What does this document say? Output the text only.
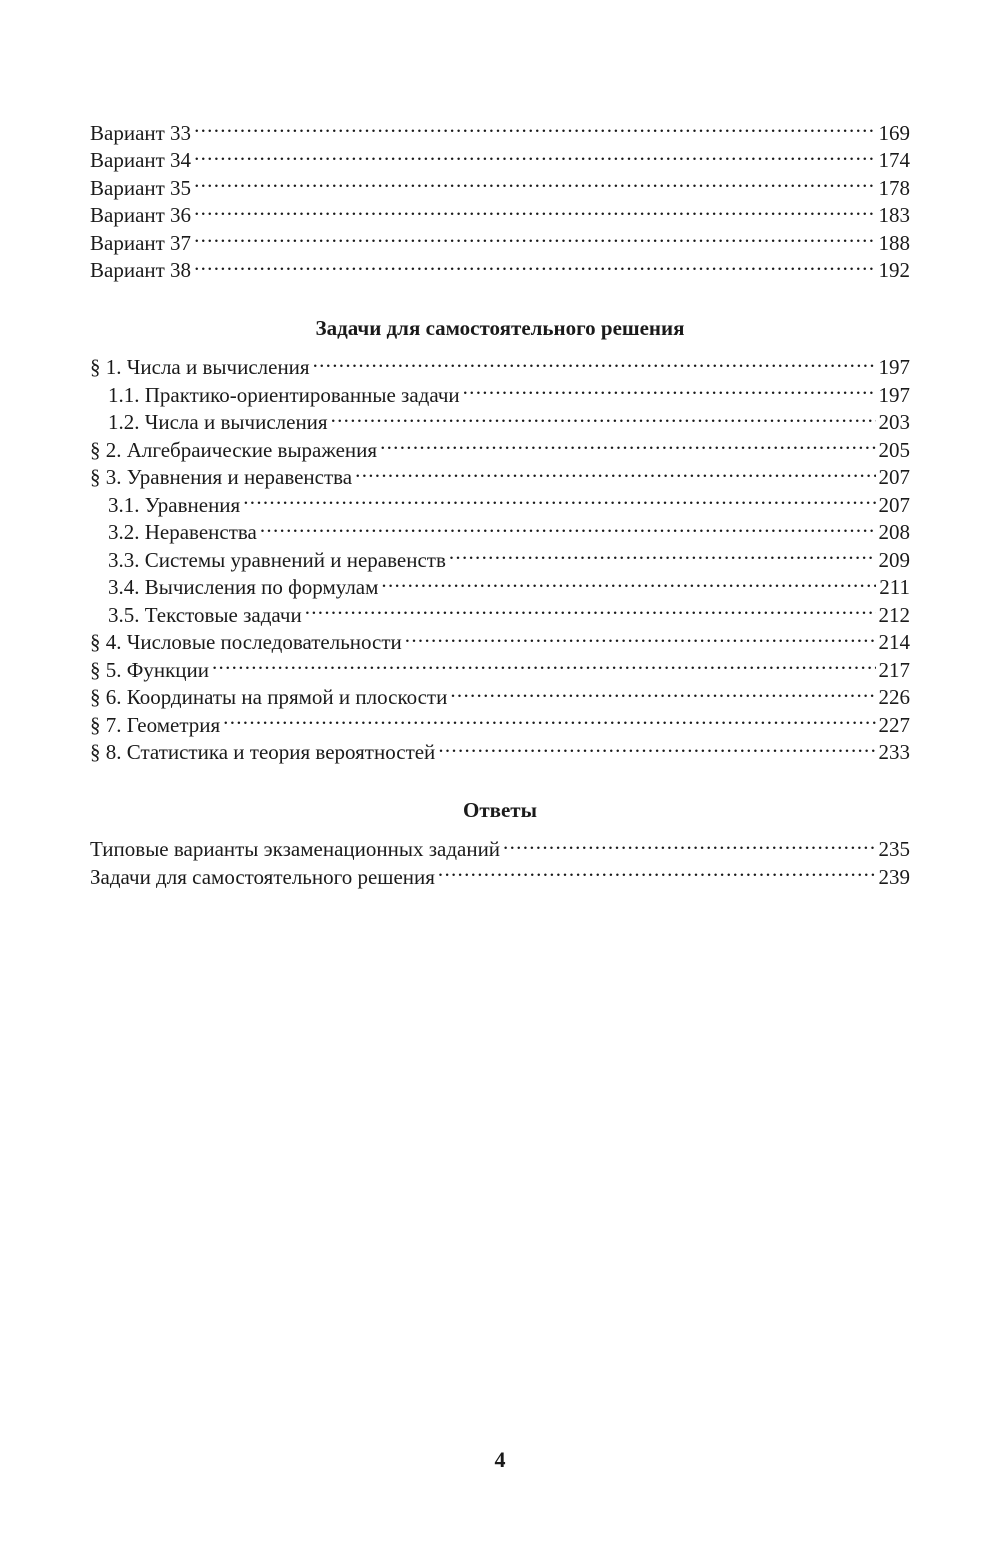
Вариант 33 .....	169
Вариант 34 .....	174
Вариант 35 .....	178
Вариант 36 .....	183
Вариант 37 .....	188
Вариант 38 .....	192
Задачи для самостоятельного решения
§ 1. Числа и вычисления .....	197
1.1. Практико-ориентированные задачи .....	197
1.2. Числа и вычисления .....	203
§ 2. Алгебраические выражения .....	205
§ 3. Уравнения и неравенства .....	207
3.1. Уравнения .....	207
3.2. Неравенства .....	208
3.3. Системы уравнений и неравенств .....	209
3.4. Вычисления по формулам .....	211
3.5. Текстовые задачи .....	212
§ 4. Числовые последовательности .....	214
§ 5. Функции .....	217
§ 6. Координаты на прямой и плоскости .....	226
§ 7. Геометрия .....	227
§ 8. Статистика и теория вероятностей .....	233
Ответы
Типовые варианты экзаменационных заданий .....	235
Задачи для самостоятельного решения .....	239
4
